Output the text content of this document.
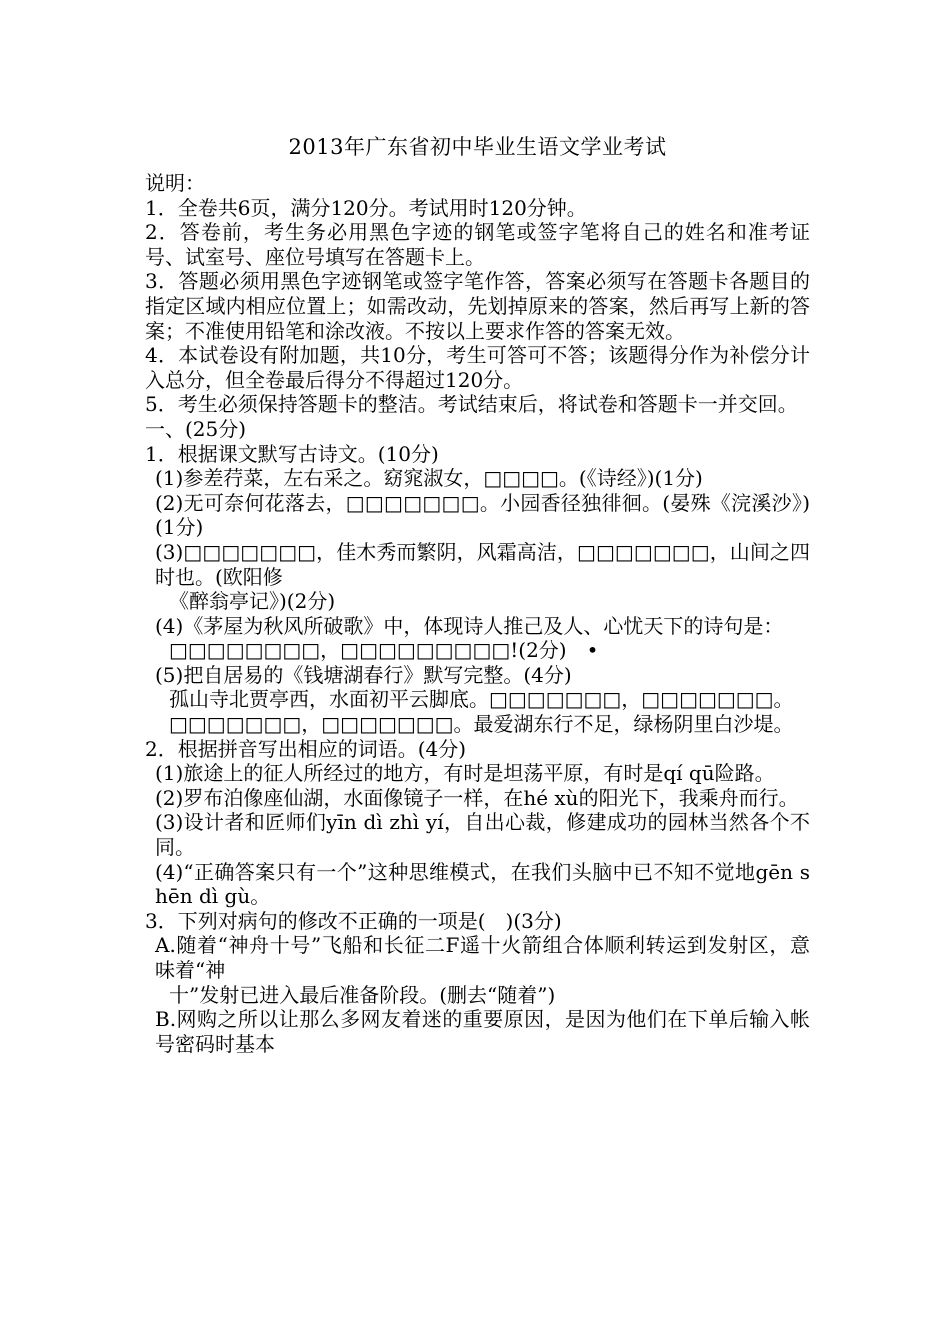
2013年广东省初中毕业生语文学业考试
说明：
1．全卷共6页，满分120分。考试用时120分钟。
2．答卷前，考生务必用黑色字迹的钢笔或签字笔将自己的姓名和准考证号、试室号、座位号填写在答题卡上。
3．答题必须用黑色字迹钢笔或签字笔作答，答案必须写在答题卡各题目的指定区域内相应位置上；如需改动，先划掉原来的答案，然后再写上新的答案；不准使用铅笔和涂改液。不按以上要求作答的答案无效。
4．本试卷设有附加题，共10分，考生可答可不答；该题得分作为补偿分计入总分，但全卷最后得分不得超过120分。
5．考生必须保持答题卡的整洁。考试结束后，将试卷和答题卡一并交回。
一、(25分)
1．根据课文默写古诗文。(10分)
(1)参差荇菜，左右采之。窈窕淑女，□□□□。(《诗经》)(1分)
(2)无可奈何花落去，□□□□□□□。小园香径独徘徊。(晏殊《浣溪沙》)(1分)
(3)□□□□□□□，佳木秀而繁阴，风霜高洁，□□□□□□□，山间之四时也。(欧阳修
《醉翁亭记》)(2分)
(4)《茅屋为秋风所破歌》中，体现诗人推己及人、心忧天下的诗句是：
□□□□□□□□，□□□□□□□□□!(2分)　•
(5)把自居易的《钱塘湖春行》默写完整。(4分)
孤山寺北贾亭西，水面初平云脚底。□□□□□□□，□□□□□□□。
□□□□□□□，□□□□□□□。最爱湖东行不足，绿杨阴里白沙堤。
2．根据拼音写出相应的词语。(4分)
(1)旅途上的征人所经过的地方，有时是坦荡平原，有时是qí qū险路。
(2)罗布泊像座仙湖，水面像镜子一样，在hé xù的阳光下，我乘舟而行。
(3)设计者和匠师们yīn dì zhì yí，自出心裁，修建成功的园林当然各个不同。
(4)“正确答案只有一个”这种思维模式，在我们头脑中已不知不觉地gēn shēn dì gù。
3．下列对病句的修改不正确的一项是(　)(3分)
A.随着“神舟十号”飞船和长征二F遥十火箭组合体顺利转运到发射区，意味着“神
十”发射已进入最后准备阶段。(删去“随着”)
B.网购之所以让那么多网友着迷的重要原因，是因为他们在下单后输入帐号密码时基本
